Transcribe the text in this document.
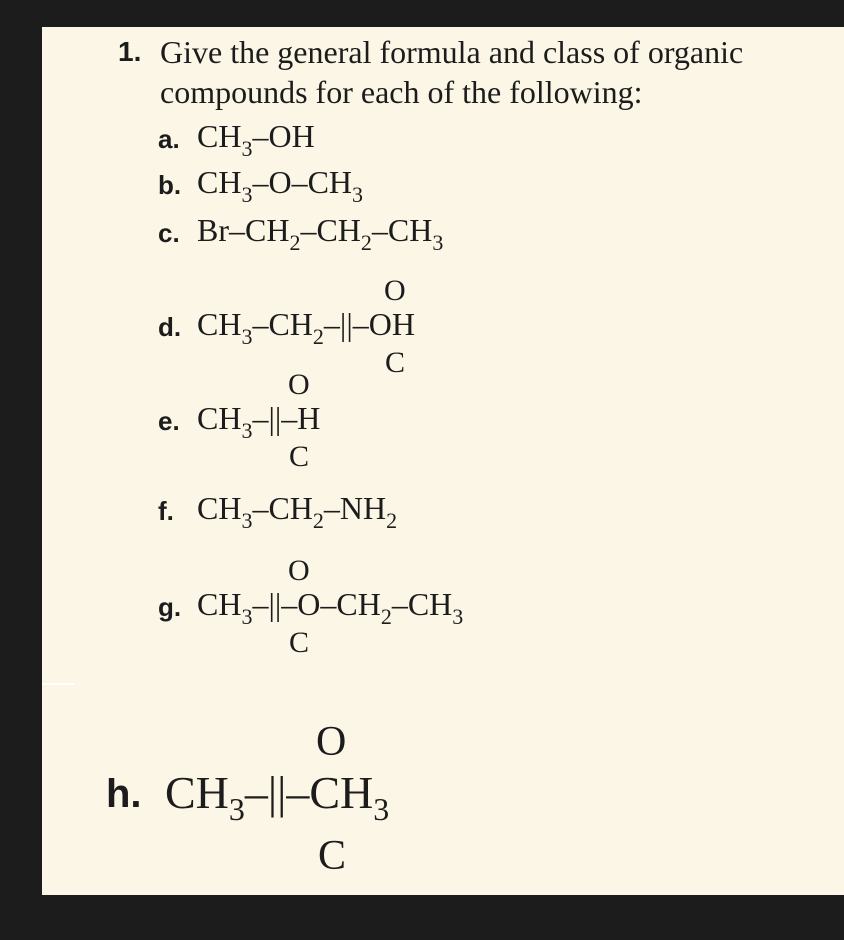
1. Give the general formula and class of organic
compounds for each of the following:
a. $CH_3-OH$
b. $CH_3-O-CH_3$
c. $Br-CH_2-CH_2-CH_3$
O
d. $CH_3-CH_2-||-OH$
C
O
e. $CH_3-||-H$
C
f. $CH_3-CH_2-NH_2$
O
g. $CH_3-||-O-CH_2-CH_3$
C
O
h. $CH_3-||-CH_3$
C
